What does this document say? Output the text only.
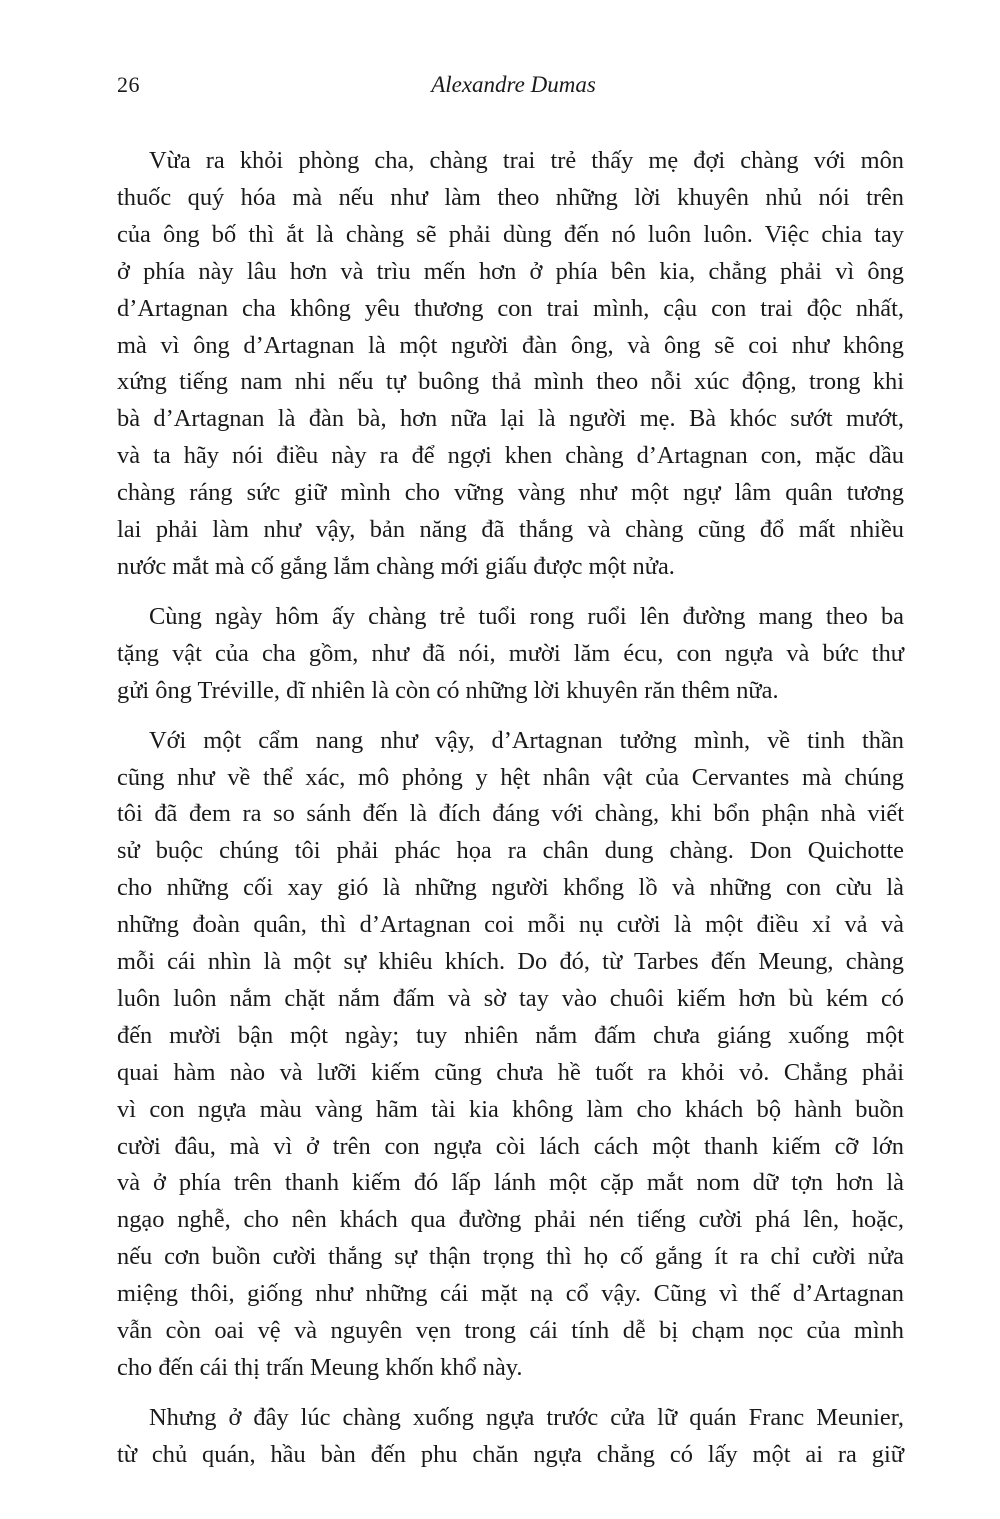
26	Alexandre Dumas

Vừa ra khỏi phòng cha, chàng trai trẻ thấy mẹ đợi chàng với môn
thuốc quý hóa mà nếu như làm theo những lời khuyên nhủ nói trên
của ông bố thì ắt là chàng sẽ phải dùng đến nó luôn luôn. Việc chia tay
ở phía này lâu hơn và trìu mến hơn ở phía bên kia, chẳng phải vì ông
d’Artagnan cha không yêu thương con trai mình, cậu con trai độc nhất,
mà vì ông d’Artagnan là một người đàn ông, và ông sẽ coi như không
xứng tiếng nam nhi nếu tự buông thả mình theo nỗi xúc động, trong khi
bà d’Artagnan là đàn bà, hơn nữa lại là người mẹ. Bà khóc sướt mướt,
và ta hãy nói điều này ra để ngợi khen chàng d’Artagnan con, mặc dầu
chàng ráng sức giữ mình cho vững vàng như một ngự lâm quân tương
lai phải làm như vậy, bản năng đã thắng và chàng cũng đổ mất nhiều
nước mắt mà cố gắng lắm chàng mới giấu được một nửa.

Cùng ngày hôm ấy chàng trẻ tuổi rong ruổi lên đường mang theo ba
tặng vật của cha gồm, như đã nói, mười lăm écu, con ngựa và bức thư
gửi ông Tréville, dĩ nhiên là còn có những lời khuyên răn thêm nữa.

Với một cẩm nang như vậy, d’Artagnan tưởng mình, về tinh thần
cũng như về thể xác, mô phỏng y hệt nhân vật của Cervantes mà chúng
tôi đã đem ra so sánh đến là đích đáng với chàng, khi bổn phận nhà viết
sử buộc chúng tôi phải phác họa ra chân dung chàng. Don Quichotte
cho những cối xay gió là những người khổng lồ và những con cừu là
những đoàn quân, thì d’Artagnan coi mỗi nụ cười là một điều xỉ vả và
mỗi cái nhìn là một sự khiêu khích. Do đó, từ Tarbes đến Meung, chàng
luôn luôn nắm chặt nắm đấm và sờ tay vào chuôi kiếm hơn bù kém có
đến mười bận một ngày; tuy nhiên nắm đấm chưa giáng xuống một
quai hàm nào và lưỡi kiếm cũng chưa hề tuốt ra khỏi vỏ. Chẳng phải
vì con ngựa màu vàng hãm tài kia không làm cho khách bộ hành buồn
cười đâu, mà vì ở trên con ngựa còi lách cách một thanh kiếm cỡ lớn
và ở phía trên thanh kiếm đó lấp lánh một cặp mắt nom dữ tợn hơn là
ngạo nghễ, cho nên khách qua đường phải nén tiếng cười phá lên, hoặc,
nếu cơn buồn cười thắng sự thận trọng thì họ cố gắng ít ra chỉ cười nửa
miệng thôi, giống như những cái mặt nạ cổ vậy. Cũng vì thế d’Artagnan
vẫn còn oai vệ và nguyên vẹn trong cái tính dễ bị chạm nọc của mình
cho đến cái thị trấn Meung khốn khổ này.

Nhưng ở đây lúc chàng xuống ngựa trước cửa lữ quán Franc Meunier,
từ chủ quán, hầu bàn đến phu chăn ngựa chẳng có lấy một ai ra giữ
